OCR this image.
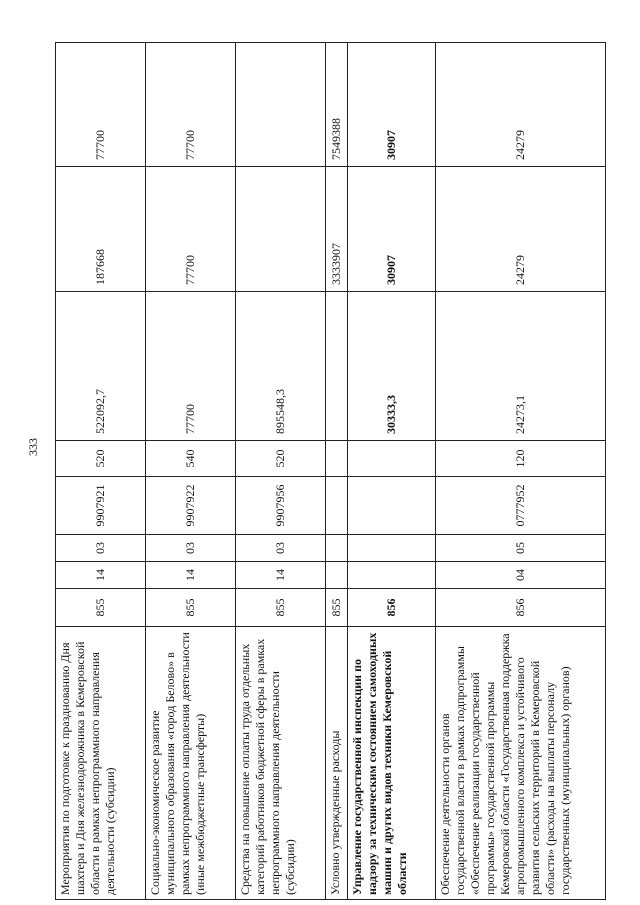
333
Мероприятия по подготовке к празднованию Дня шахтера и Дня железнодорожника в Кемеровской области в рамках непрограммного направления деятельности (субсидии)	855	14	03	9907921	520	522092,7	187668	77700
Социально-экономическое развитие муниципального образования «город Белово» в рамках непрограммного направления деятельности (иные межбюджетные трансферты)	855	14	03	9907922	540	77700	77700	77700
Средства на повышение оплаты труда отдельных категорий работников бюджетной сферы в рамках непрограммного направления деятельности (субсидии)	855	14	03	9907956	520	895548,3		
Условно утвержденные расходы	855						3333907	7549388
Управление государственной инспекции по надзору за техническим состоянием самоходных машин и других видов техники Кемеровской области	856					30333,3	30907	30907
Обеспечение деятельности органов государственной власти в рамках подпрограммы «Обеспечение реализации государственной программы» государственной программы Кемеровской области «Государственная поддержка агропромышленного комплекса и устойчивого развития сельских территорий в Кемеровской области» (расходы на выплаты персоналу государственных (муниципальных) органов)	856	04	05	0777952	120	24273,1	24279	24279
